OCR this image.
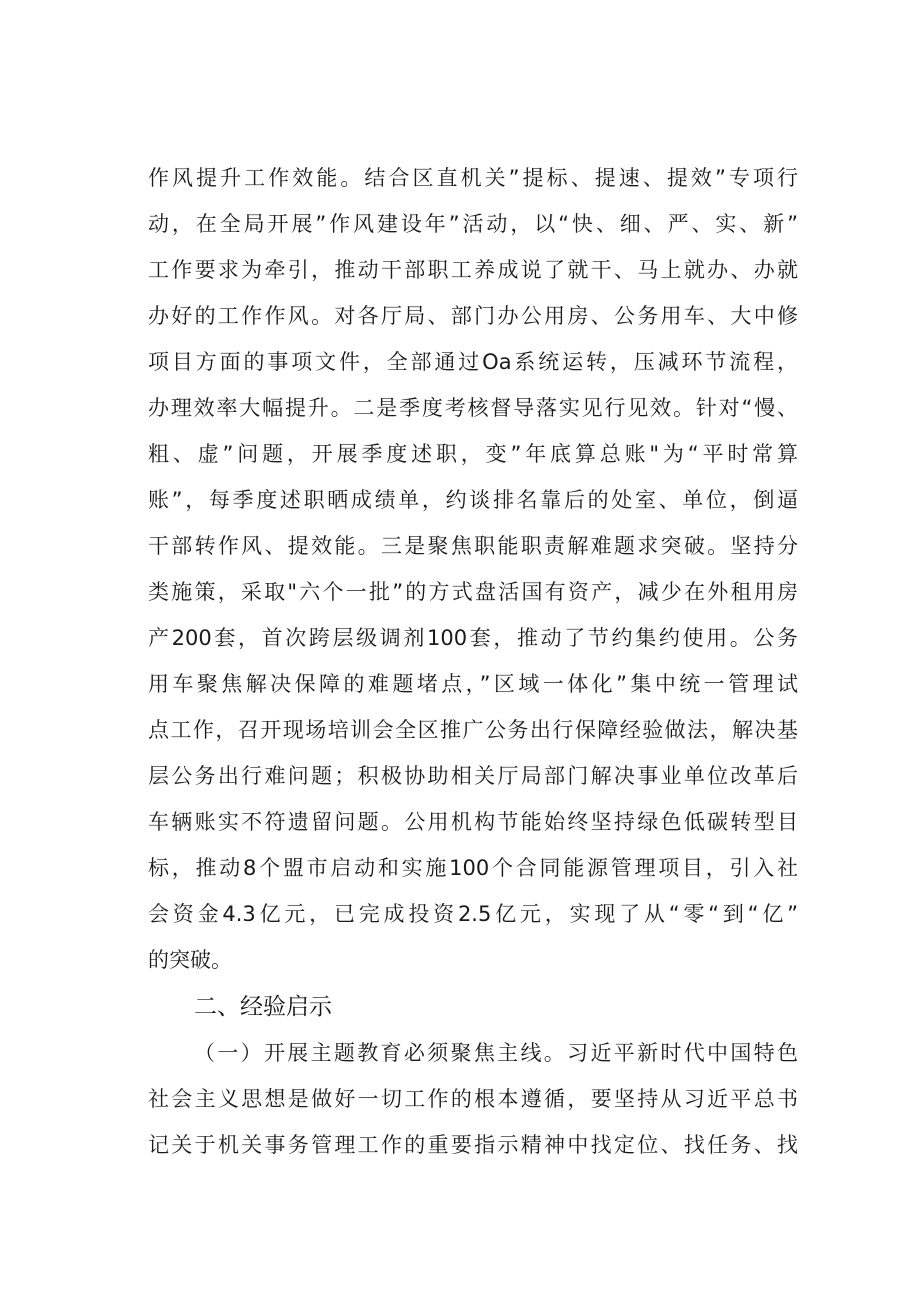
作风提升工作效能。结合区直机关”提标、提速、提效”专项行
动，在全局开展”作风建设年”活动，以“快、细、严、实、新”
工作要求为牵引，推动干部职工养成说了就干、马上就办、办就
办好的工作作风。对各厅局、部门办公用房、公务用车、大中修
项目方面的事项文件，全部通过Oa系统运转，压减环节流程，
办理效率大幅提升。二是季度考核督导落实见行见效。针对“慢、
粗、虚”问题，开展季度述职，变”年底算总账"为“平时常算
账”，每季度述职晒成绩单，约谈排名靠后的处室、单位，倒逼
干部转作风、提效能。三是聚焦职能职责解难题求突破。坚持分
类施策，采取"六个一批”的方式盘活国有资产，减少在外租用房
产200套，首次跨层级调剂100套，推动了节约集约使用。公务
用车聚焦解决保障的难题堵点，”区域一体化”集中统一管理试
点工作，召开现场培训会全区推广公务出行保障经验做法，解决基
层公务出行难问题；积极协助相关厅局部门解决事业单位改革后
车辆账实不符遗留问题。公用机构节能始终坚持绿色低碳转型目
标，推动8个盟市启动和实施100个合同能源管理项目，引入社
会资金4.3亿元，已完成投资2.5亿元，实现了从“零“到“亿”
的突破。
二、经验启示
（一）开展主题教育必须聚焦主线。习近平新时代中国特色
社会主义思想是做好一切工作的根本遵循，要坚持从习近平总书
记关于机关事务管理工作的重要指示精神中找定位、找任务、找
